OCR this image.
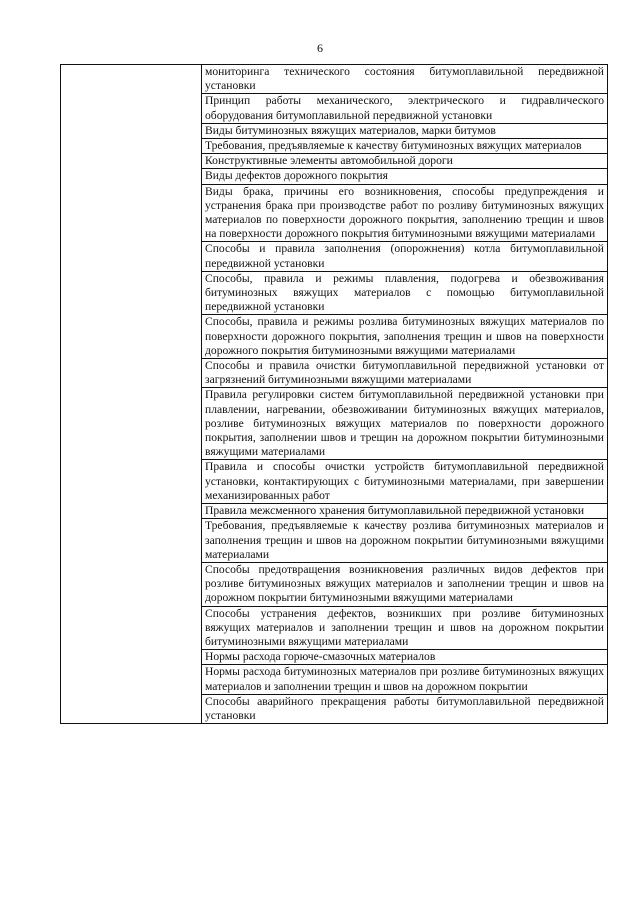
6
	мониторинга технического состояния битумоплавильной передвижной установки
Принцип работы механического, электрического и гидравлического оборудования битумоплавильной передвижной установки
Виды битуминозных вяжущих материалов, марки битумов
Требования, предъявляемые к качеству битуминозных вяжущих материалов
Конструктивные элементы автомобильной дороги
Виды дефектов дорожного покрытия
Виды брака, причины его возникновения, способы предупреждения и устранения брака при производстве работ по розливу битуминозных вяжущих материалов по поверхности дорожного покрытия, заполнению трещин и швов на поверхности дорожного покрытия битуминозными вяжущими материалами
Способы и правила заполнения (опорожнения) котла битумоплавильной передвижной установки
Способы, правила и режимы плавления, подогрева и обезвоживания битуминозных вяжущих материалов с помощью битумоплавильной передвижной установки
Способы, правила и режимы розлива битуминозных вяжущих материалов по поверхности дорожного покрытия, заполнения трещин и швов на поверхности дорожного покрытия битуминозными вяжущими материалами
Способы и правила очистки битумоплавильной передвижной установки от загрязнений битуминозными вяжущими материалами
Правила регулировки систем битумоплавильной передвижной установки при плавлении, нагревании, обезвоживании битуминозных вяжущих материалов, розливе битуминозных вяжущих материалов по поверхности дорожного покрытия, заполнении швов и трещин на дорожном покрытии битуминозными вяжущими материалами
Правила и способы очистки устройств битумоплавильной передвижной установки, контактирующих с битуминозными материалами, при завершении механизированных работ
Правила межсменного хранения битумоплавильной передвижной установки
Требования, предъявляемые к качеству розлива битуминозных материалов и заполнения трещин и швов на дорожном покрытии битуминозными вяжущими материалами
Способы предотвращения возникновения различных видов дефектов при розливе битуминозных вяжущих материалов и заполнении трещин и швов на дорожном покрытии битуминозными вяжущими материалами
Способы устранения дефектов, возникших при розливе битуминозных вяжущих материалов и заполнении трещин и швов на дорожном покрытии битуминозными вяжущими материалами
Нормы расхода горюче-смазочных материалов
Нормы расхода битуминозных материалов при розливе битуминозных вяжущих материалов и заполнении трещин и швов на дорожном покрытии
Способы аварийного прекращения работы битумоплавильной передвижной установки
